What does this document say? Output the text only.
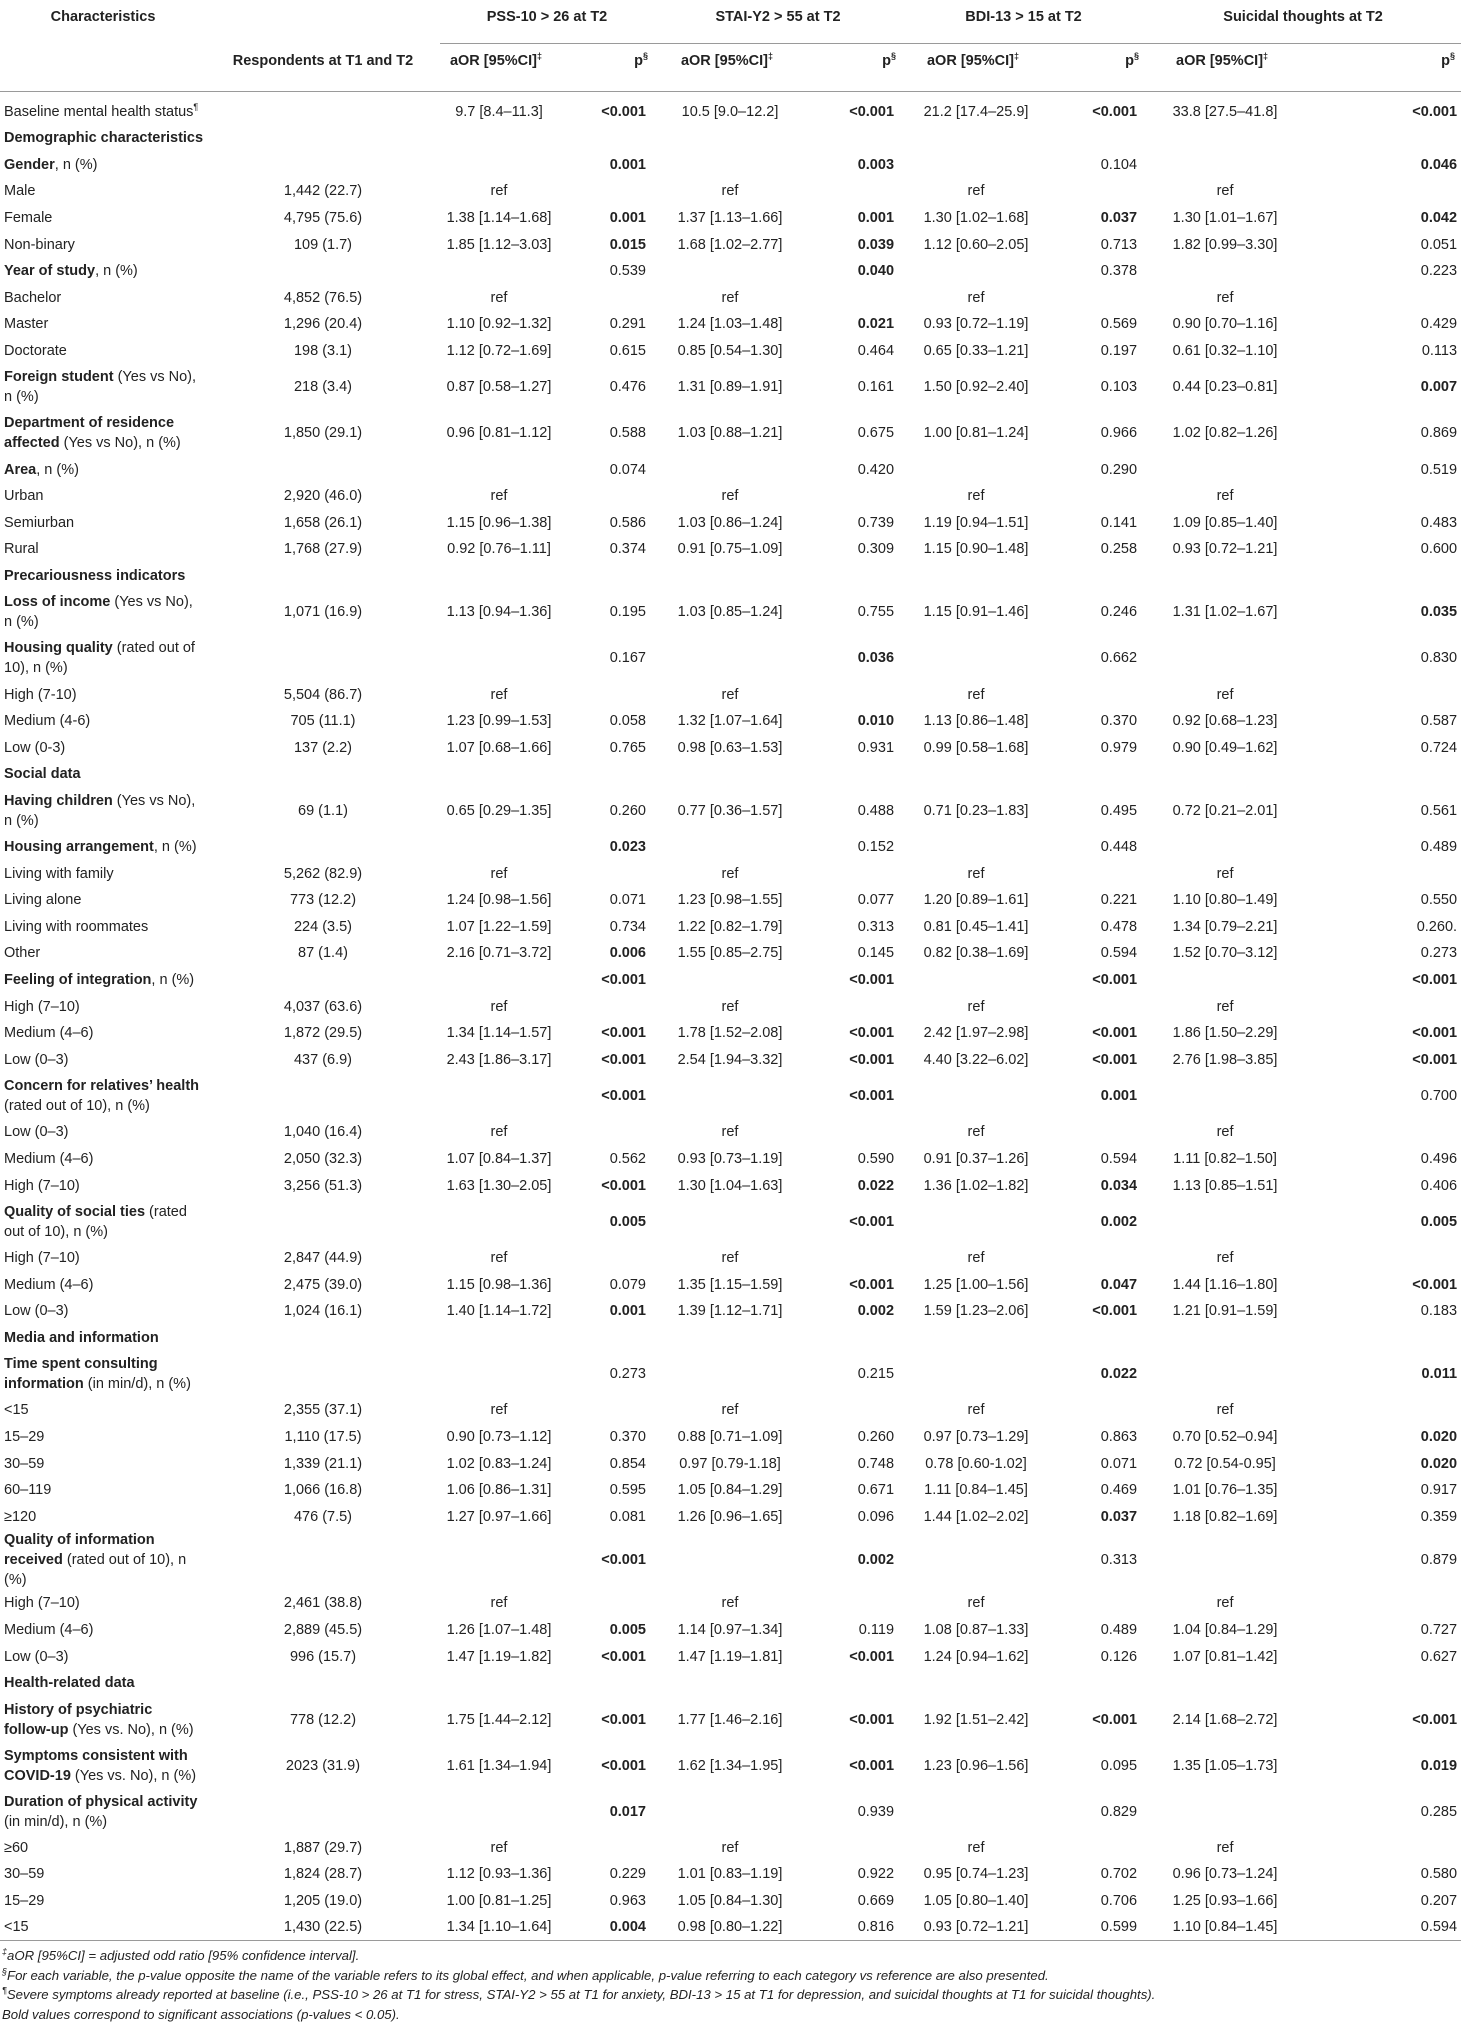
Characteristics		PSS-10 > 26 at T2		STAI-Y2 > 55 at T2		BDI-13 > 15 at T2		Suicidal thoughts at T2	
	Respondents at T1 and T2	aOR [95%CI]‡	p§	aOR [95%CI]‡	p§	aOR [95%CI]‡	p§	aOR [95%CI]‡	p§
Baseline mental health status¶		9.7 [8.4–11.3]	<0.001	10.5 [9.0–12.2]	<0.001	21.2 [17.4–25.9]	<0.001	33.8 [27.5–41.8]	<0.001
Demographic characteristics									
Gender, n (%)			0.001		0.003		0.104		0.046
Male	1,442 (22.7)	ref		ref		ref		ref	
Female	4,795 (75.6)	1.38 [1.14–1.68]	0.001	1.37 [1.13–1.66]	0.001	1.30 [1.02–1.68]	0.037	1.30 [1.01–1.67]	0.042
Non-binary	109 (1.7)	1.85 [1.12–3.03]	0.015	1.68 [1.02–2.77]	0.039	1.12 [0.60–2.05]	0.713	1.82 [0.99–3.30]	0.051
Year of study, n (%)			0.539		0.040		0.378		0.223
Bachelor	4,852 (76.5)	ref		ref		ref		ref	
Master	1,296 (20.4)	1.10 [0.92–1.32]	0.291	1.24 [1.03–1.48]	0.021	0.93 [0.72–1.19]	0.569	0.90 [0.70–1.16]	0.429
Doctorate	198 (3.1)	1.12 [0.72–1.69]	0.615	0.85 [0.54–1.30]	0.464	0.65 [0.33–1.21]	0.197	0.61 [0.32–1.10]	0.113
Foreign student (Yes vs No),
n (%)	218 (3.4)	0.87 [0.58–1.27]	0.476	1.31 [0.89–1.91]	0.161	1.50 [0.92–2.40]	0.103	0.44 [0.23–0.81]	0.007
Department of residence
affected (Yes vs No), n (%)	1,850 (29.1)	0.96 [0.81–1.12]	0.588	1.03 [0.88–1.21]	0.675	1.00 [0.81–1.24]	0.966	1.02 [0.82–1.26]	0.869
Area, n (%)			0.074		0.420		0.290		0.519
Urban	2,920 (46.0)	ref		ref		ref		ref	
Semiurban	1,658 (26.1)	1.15 [0.96–1.38]	0.586	1.03 [0.86–1.24]	0.739	1.19 [0.94–1.51]	0.141	1.09 [0.85–1.40]	0.483
Rural	1,768 (27.9)	0.92 [0.76–1.11]	0.374	0.91 [0.75–1.09]	0.309	1.15 [0.90–1.48]	0.258	0.93 [0.72–1.21]	0.600
Precariousness indicators									
Loss of income (Yes vs No),
n (%)	1,071 (16.9)	1.13 [0.94–1.36]	0.195	1.03 [0.85–1.24]	0.755	1.15 [0.91–1.46]	0.246	1.31 [1.02–1.67]	0.035
Housing quality (rated out of
10), n (%)			0.167		0.036		0.662		0.830
High (7-10)	5,504 (86.7)	ref		ref		ref		ref	
Medium (4-6)	705 (11.1)	1.23 [0.99–1.53]	0.058	1.32 [1.07–1.64]	0.010	1.13 [0.86–1.48]	0.370	0.92 [0.68–1.23]	0.587
Low (0-3)	137 (2.2)	1.07 [0.68–1.66]	0.765	0.98 [0.63–1.53]	0.931	0.99 [0.58–1.68]	0.979	0.90 [0.49–1.62]	0.724
Social data									
Having children (Yes vs No),
n (%)	69 (1.1)	0.65 [0.29–1.35]	0.260	0.77 [0.36–1.57]	0.488	0.71 [0.23–1.83]	0.495	0.72 [0.21–2.01]	0.561
Housing arrangement, n (%)			0.023		0.152		0.448		0.489
Living with family	5,262 (82.9)	ref		ref		ref		ref	
Living alone	773 (12.2)	1.24 [0.98–1.56]	0.071	1.23 [0.98–1.55]	0.077	1.20 [0.89–1.61]	0.221	1.10 [0.80–1.49]	0.550
Living with roommates	224 (3.5)	1.07 [1.22–1.59]	0.734	1.22 [0.82–1.79]	0.313	0.81 [0.45–1.41]	0.478	1.34 [0.79–2.21]	0.260.
Other	87 (1.4)	2.16 [0.71–3.72]	0.006	1.55 [0.85–2.75]	0.145	0.82 [0.38–1.69]	0.594	1.52 [0.70–3.12]	0.273
Feeling of integration, n (%)			<0.001		<0.001		<0.001		<0.001
High (7–10)	4,037 (63.6)	ref		ref		ref		ref	
Medium (4–6)	1,872 (29.5)	1.34 [1.14–1.57]	<0.001	1.78 [1.52–2.08]	<0.001	2.42 [1.97–2.98]	<0.001	1.86 [1.50–2.29]	<0.001
Low (0–3)	437 (6.9)	2.43 [1.86–3.17]	<0.001	2.54 [1.94–3.32]	<0.001	4.40 [3.22–6.02]	<0.001	2.76 [1.98–3.85]	<0.001
Concern for relatives’ health
(rated out of 10), n (%)			<0.001		<0.001		0.001		0.700
Low (0–3)	1,040 (16.4)	ref		ref		ref		ref	
Medium (4–6)	2,050 (32.3)	1.07 [0.84–1.37]	0.562	0.93 [0.73–1.19]	0.590	0.91 [0.37–1.26]	0.594	1.11 [0.82–1.50]	0.496
High (7–10)	3,256 (51.3)	1.63 [1.30–2.05]	<0.001	1.30 [1.04–1.63]	0.022	1.36 [1.02–1.82]	0.034	1.13 [0.85–1.51]	0.406
Quality of social ties (rated
out of 10), n (%)			0.005		<0.001		0.002		0.005
High (7–10)	2,847 (44.9)	ref		ref		ref		ref	
Medium (4–6)	2,475 (39.0)	1.15 [0.98–1.36]	0.079	1.35 [1.15–1.59]	<0.001	1.25 [1.00–1.56]	0.047	1.44 [1.16–1.80]	<0.001
Low (0–3)	1,024 (16.1)	1.40 [1.14–1.72]	0.001	1.39 [1.12–1.71]	0.002	1.59 [1.23–2.06]	<0.001	1.21 [0.91–1.59]	0.183
Media and information									
Time spent consulting
information (in min/d), n (%)			0.273		0.215		0.022		0.011
<15	2,355 (37.1)	ref		ref		ref		ref	
15–29	1,110 (17.5)	0.90 [0.73–1.12]	0.370	0.88 [0.71–1.09]	0.260	0.97 [0.73–1.29]	0.863	0.70 [0.52–0.94]	0.020
30–59	1,339 (21.1)	1.02 [0.83–1.24]	0.854	0.97 [0.79-1.18]	0.748	0.78 [0.60-1.02]	0.071	0.72 [0.54-0.95]	0.020
60–119	1,066 (16.8)	1.06 [0.86–1.31]	0.595	1.05 [0.84–1.29]	0.671	1.11 [0.84–1.45]	0.469	1.01 [0.76–1.35]	0.917
≥120	476 (7.5)	1.27 [0.97–1.66]	0.081	1.26 [0.96–1.65]	0.096	1.44 [1.02–2.02]	0.037	1.18 [0.82–1.69]	0.359
Quality of information
received (rated out of 10), n (%)			<0.001		0.002		0.313		0.879
High (7–10)	2,461 (38.8)	ref		ref		ref		ref	
Medium (4–6)	2,889 (45.5)	1.26 [1.07–1.48]	0.005	1.14 [0.97–1.34]	0.119	1.08 [0.87–1.33]	0.489	1.04 [0.84–1.29]	0.727
Low (0–3)	996 (15.7)	1.47 [1.19–1.82]	<0.001	1.47 [1.19–1.81]	<0.001	1.24 [0.94–1.62]	0.126	1.07 [0.81–1.42]	0.627
Health-related data									
History of psychiatric
follow-up (Yes vs. No), n (%)	778 (12.2)	1.75 [1.44–2.12]	<0.001	1.77 [1.46–2.16]	<0.001	1.92 [1.51–2.42]	<0.001	2.14 [1.68–2.72]	<0.001
Symptoms consistent with
COVID-19 (Yes vs. No), n (%)	2023 (31.9)	1.61 [1.34–1.94]	<0.001	1.62 [1.34–1.95]	<0.001	1.23 [0.96–1.56]	0.095	1.35 [1.05–1.73]	0.019
Duration of physical activity
(in min/d), n (%)			0.017		0.939		0.829		0.285
≥60	1,887 (29.7)	ref		ref		ref		ref	
30–59	1,824 (28.7)	1.12 [0.93–1.36]	0.229	1.01 [0.83–1.19]	0.922	0.95 [0.74–1.23]	0.702	0.96 [0.73–1.24]	0.580
15–29	1,205 (19.0)	1.00 [0.81–1.25]	0.963	1.05 [0.84–1.30]	0.669	1.05 [0.80–1.40]	0.706	1.25 [0.93–1.66]	0.207
<15	1,430 (22.5)	1.34 [1.10–1.64]	0.004	0.98 [0.80–1.22]	0.816	0.93 [0.72–1.21]	0.599	1.10 [0.84–1.45]	0.594
‡aOR [95%CI] = adjusted odd ratio [95% confidence interval].
§For each variable, the p-value opposite the name of the variable refers to its global effect, and when applicable, p-value referring to each category vs reference are also presented.
¶Severe symptoms already reported at baseline (i.e., PSS-10 > 26 at T1 for stress, STAI-Y2 > 55 at T1 for anxiety, BDI-13 > 15 at T1 for depression, and suicidal thoughts at T1 for suicidal thoughts).
Bold values correspond to significant associations (p-values < 0.05).
